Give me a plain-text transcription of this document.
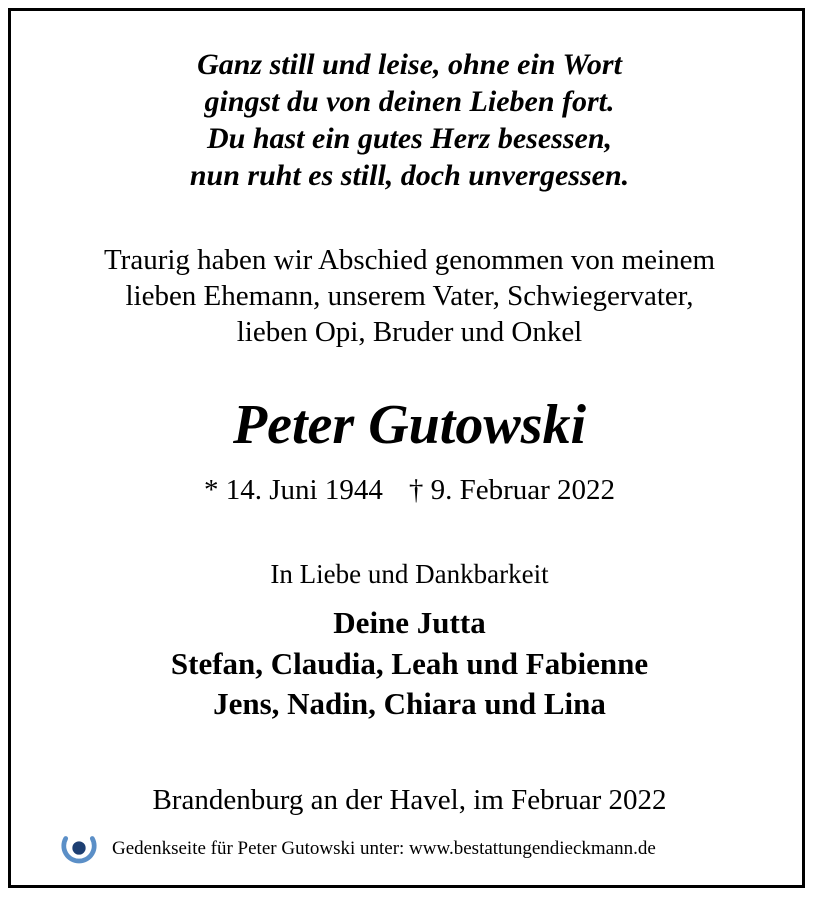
Ganz still und leise, ohne ein Wort
gingst du von deinen Lieben fort.
Du hast ein gutes Herz besessen,
nun ruht es still, doch unvergessen.
Traurig haben wir Abschied genommen von meinem
lieben Ehemann, unserem Vater, Schwiegervater,
lieben Opi, Bruder und Onkel
Peter Gutowski
* 14. Juni 1944 † 9. Februar 2022
In Liebe und Dankbarkeit
Deine Jutta
Stefan, Claudia, Leah und Fabienne
Jens, Nadin, Chiara und Lina
Brandenburg an der Havel, im Februar 2022
Gedenkseite für Peter Gutowski unter: www.bestattungendieckmann.de
